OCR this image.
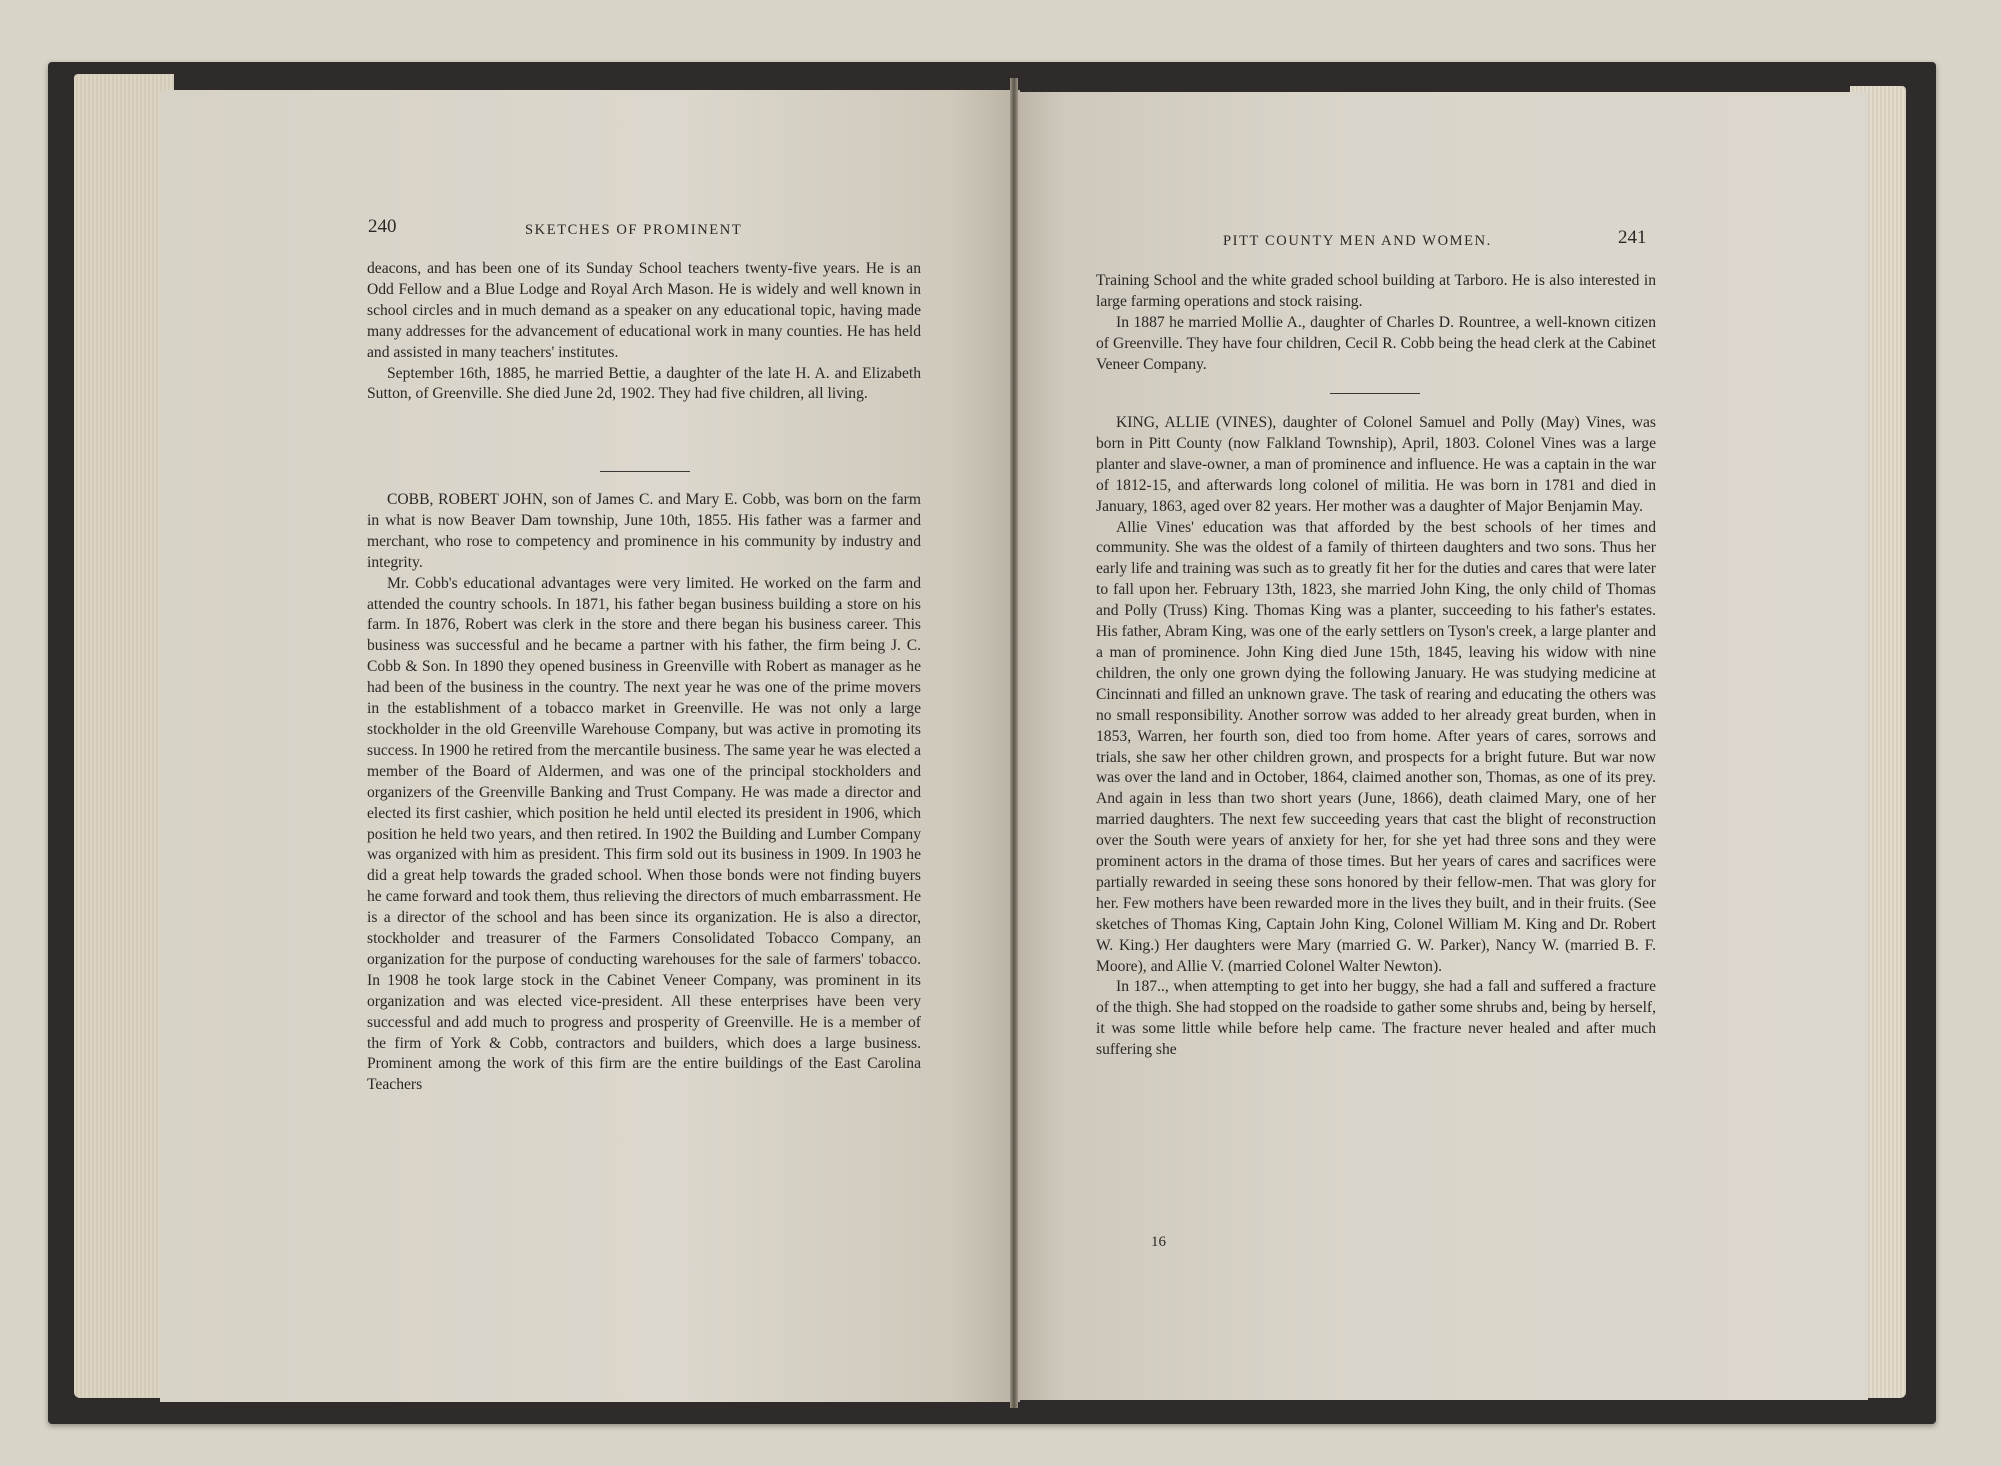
240	SKETCHES OF PROMINENT

deacons, and has been one of its Sunday School teachers twenty-five years. He is an Odd Fellow and a Blue Lodge and Royal Arch Mason. He is widely and well known in school circles and in much demand as a speaker on any educational topic, having made many addresses for the advancement of educational work in many counties. He has held and assisted in many teachers' institutes.

September 16th, 1885, he married Bettie, a daughter of the late H. A. and Elizabeth Sutton, of Greenville. She died June 2d, 1902. They had five children, all living.

COBB, ROBERT JOHN, son of James C. and Mary E. Cobb, was born on the farm in what is now Beaver Dam township, June 10th, 1855. His father was a farmer and merchant, who rose to competency and prominence in his community by industry and integrity.

Mr. Cobb's educational advantages were very limited. He worked on the farm and attended the country schools. In 1871, his father began business building a store on his farm. In 1876, Robert was clerk in the store and there began his business career. This business was successful and he became a partner with his father, the firm being J. C. Cobb & Son. In 1890 they opened business in Greenville with Robert as manager as he had been of the business in the country. The next year he was one of the prime movers in the establishment of a tobacco market in Greenville. He was not only a large stockholder in the old Greenville Warehouse Company, but was active in promoting its success. In 1900 he retired from the mercantile business. The same year he was elected a member of the Board of Aldermen, and was one of the principal stockholders and organizers of the Greenville Banking and Trust Company. He was made a director and elected its first cashier, which position he held until elected its president in 1906, which position he held two years, and then retired. In 1902 the Building and Lumber Company was organized with him as president. This firm sold out its business in 1909. In 1903 he did a great help towards the graded school. When those bonds were not finding buyers he came forward and took them, thus relieving the directors of much embarrassment. He is a director of the school and has been since its organization. He is also a director, stockholder and treasurer of the Farmers Consolidated Tobacco Company, an organization for the purpose of conducting warehouses for the sale of farmers' tobacco. In 1908 he took large stock in the Cabinet Veneer Company, was prominent in its organization and was elected vice-president. All these enterprises have been very successful and add much to progress and prosperity of Greenville. He is a member of the firm of York & Cobb, contractors and builders, which does a large business. Prominent among the work of this firm are the entire buildings of the East Carolina Teachers

PITT COUNTY MEN AND WOMEN.	241

Training School and the white graded school building at Tarboro. He is also interested in large farming operations and stock raising.

In 1887 he married Mollie A., daughter of Charles D. Rountree, a well-known citizen of Greenville. They have four children, Cecil R. Cobb being the head clerk at the Cabinet Veneer Company.

KING, ALLIE (VINES), daughter of Colonel Samuel and Polly (May) Vines, was born in Pitt County (now Falkland Township), April, 1803. Colonel Vines was a large planter and slave-owner, a man of prominence and influence. He was a captain in the war of 1812-15, and afterwards long colonel of militia. He was born in 1781 and died in January, 1863, aged over 82 years. Her mother was a daughter of Major Benjamin May.

Allie Vines' education was that afforded by the best schools of her times and community. She was the oldest of a family of thirteen daughters and two sons. Thus her early life and training was such as to greatly fit her for the duties and cares that were later to fall upon her. February 13th, 1823, she married John King, the only child of Thomas and Polly (Truss) King. Thomas King was a planter, succeeding to his father's estates. His father, Abram King, was one of the early settlers on Tyson's creek, a large planter and a man of prominence. John King died June 15th, 1845, leaving his widow with nine children, the only one grown dying the following January. He was studying medicine at Cincinnati and filled an unknown grave. The task of rearing and educating the others was no small responsibility. Another sorrow was added to her already great burden, when in 1853, Warren, her fourth son, died too from home. After years of cares, sorrows and trials, she saw her other children grown, and prospects for a bright future. But war now was over the land and in October, 1864, claimed another son, Thomas, as one of its prey. And again in less than two short years (June, 1866), death claimed Mary, one of her married daughters. The next few succeeding years that cast the blight of reconstruction over the South were years of anxiety for her, for she yet had three sons and they were prominent actors in the drama of those times. But her years of cares and sacrifices were partially rewarded in seeing these sons honored by their fellow-men. That was glory for her. Few mothers have been rewarded more in the lives they built, and in their fruits. (See sketches of Thomas King, Captain John King, Colonel William M. King and Dr. Robert W. King.) Her daughters were Mary (married G. W. Parker), Nancy W. (married B. F. Moore), and Allie V. (married Colonel Walter Newton).

In 187.., when attempting to get into her buggy, she had a fall and suffered a fracture of the thigh. She had stopped on the roadside to gather some shrubs and, being by herself, it was some little while before help came. The fracture never healed and after much suffering she

16
